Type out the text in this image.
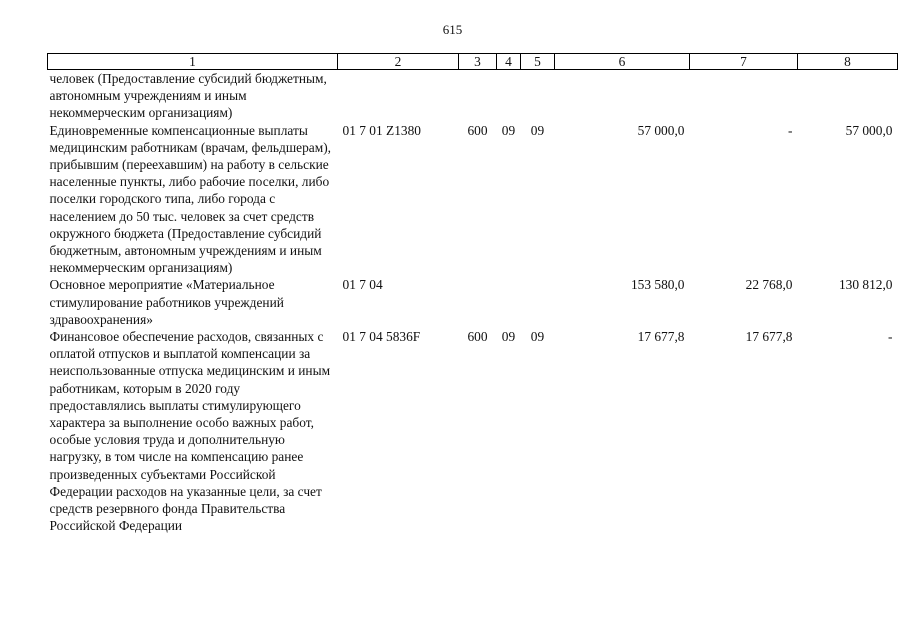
615
1	2	3	4	5	6	7	8
человек (Предоставление субсидий бюджетным, автономным учреждениям и иным некоммерческим организациям)							
Единовременные компенсационные выплаты медицинским работникам (врачам, фельдшерам), прибывшим (переехавшим) на работу в сельские населенные пункты, либо рабочие поселки, либо поселки городского типа, либо города с населением до 50 тыс. человек за счет средств окружного бюджета (Предоставление субсидий бюджетным, автономным учреждениям и иным некоммерческим организациям)	01 7 01 Z1380	600	09	09	57 000,0	-	57 000,0
Основное мероприятие «Материальное стимулирование работников учреждений здравоохранения»	01 7 04				153 580,0	22 768,0	130 812,0
Финансовое обеспечение расходов, связанных с оплатой отпусков и выплатой компенсации за неиспользованные отпуска медицинским и иным работникам, которым в 2020 году предоставлялись выплаты стимулирующего характера за выполнение особо важных работ, особые условия труда и дополнительную нагрузку, в том числе на компенсацию ранее произведенных субъектами Российской Федерации расходов на указанные цели, за счет средств резервного фонда Правительства Российской Федерации	01 7 04 5836F	600	09	09	17 677,8	17 677,8	-
